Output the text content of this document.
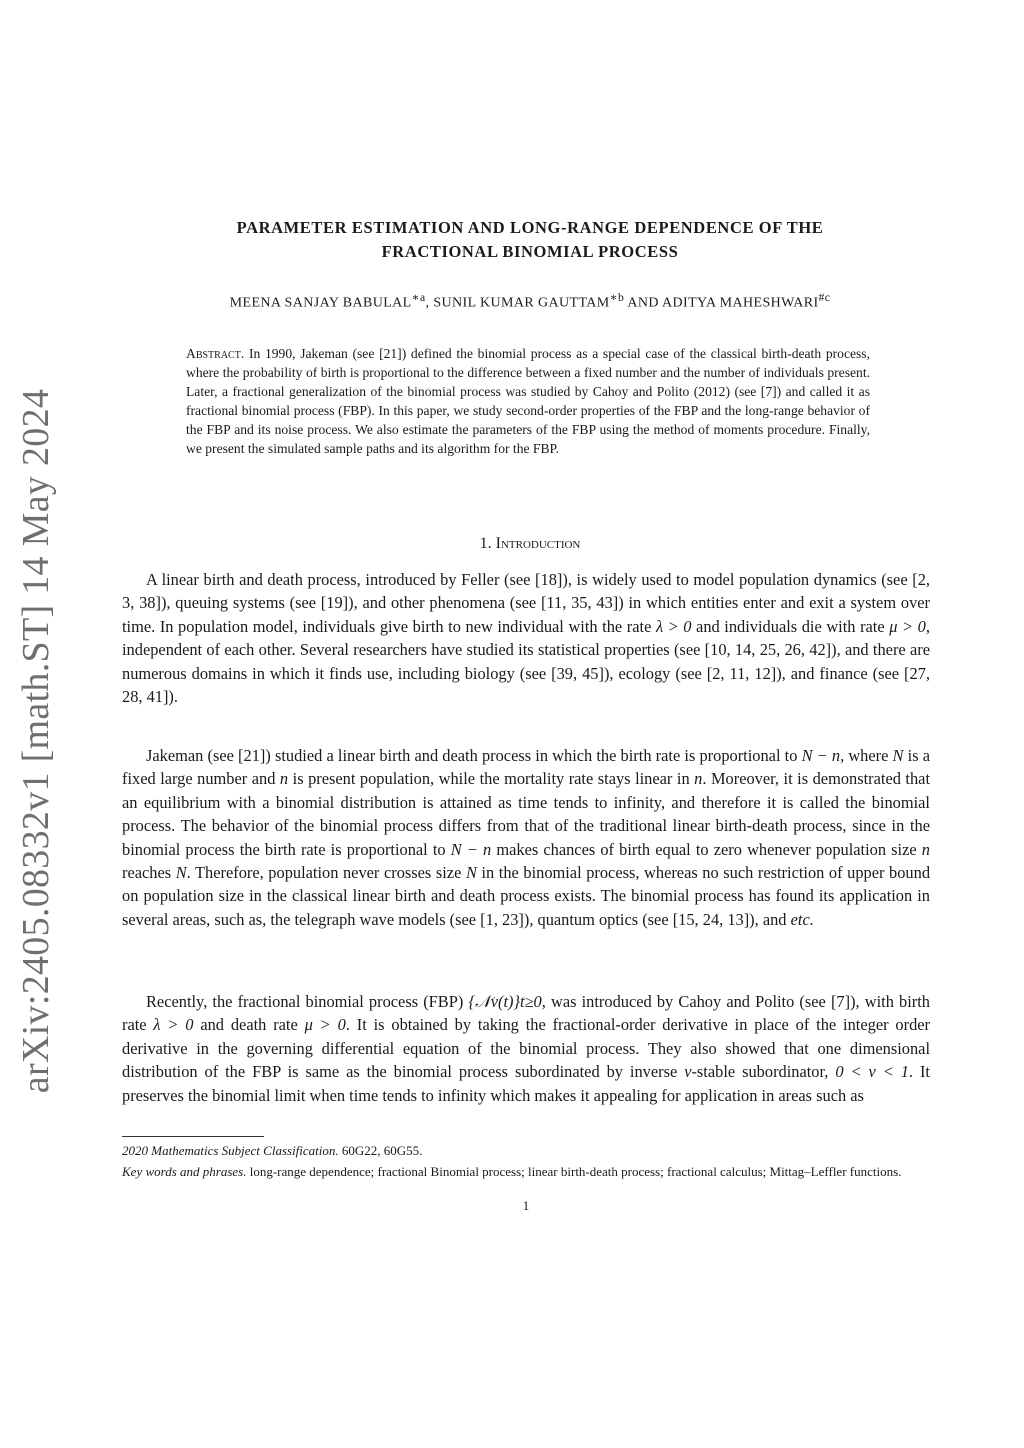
arXiv:2405.08332v1 [math.ST] 14 May 2024
PARAMETER ESTIMATION AND LONG-RANGE DEPENDENCE OF THE
FRACTIONAL BINOMIAL PROCESS
MEENA SANJAY $BABULAL^{∗a}$, SUNIL KUMAR $GAUTTAM^{∗b}$ AND ADITYA MAHESHWARI$^{\#c}$
Abstract. In 1990, Jakeman (see [21]) defined the binomial process as a special case of the classical birth-death process, where the probability of birth is proportional to the difference between a fixed number and the number of individuals present. Later, a fractional generalization of the binomial process was studied by Cahoy and Polito (2012) (see [7]) and called it as fractional binomial process (FBP). In this paper, we study second-order properties of the FBP and the long-range behavior of the FBP and its noise process. We also estimate the parameters of the FBP using the method of moments procedure. Finally, we present the simulated sample paths and its algorithm for the FBP.
1. Introduction
A linear birth and death process, introduced by Feller (see [18]), is widely used to model population dynamics (see [2, 3, 38]), queuing systems (see [19]), and other phenomena (see [11, 35, 43]) in which entities enter and exit a system over time. In population model, individuals give birth to new individual with the rate λ > 0 and individuals die with rate μ > 0, independent of each other. Several researchers have studied its statistical properties (see [10, 14, 25, 26, 42]), and there are numerous domains in which it finds use, including biology (see [39, 45]), ecology (see [2, 11, 12]), and finance (see [27, 28, 41]).
Jakeman (see [21]) studied a linear birth and death process in which the birth rate is proportional to N − n, where N is a fixed large number and n is present population, while the mortality rate stays linear in n. Moreover, it is demonstrated that an equilibrium with a binomial distribution is attained as time tends to infinity, and therefore it is called the binomial process. The behavior of the binomial process differs from that of the traditional linear birth-death process, since in the binomial process the birth rate is proportional to N − n makes chances of birth equal to zero whenever population size n reaches N. Therefore, population never crosses size N in the binomial process, whereas no such restriction of upper bound on population size in the classical linear birth and death process exists. The binomial process has found its application in several areas, such as, the telegraph wave models (see [1, 23]), quantum optics (see [15, 24, 13]), and etc.
Recently, the fractional binomial process (FBP) {𝒩ν(t)}t≥0, was introduced by Cahoy and Polito (see [7]), with birth rate λ > 0 and death rate μ > 0. It is obtained by taking the fractional-order derivative in place of the integer order derivative in the governing differential equation of the binomial process. They also showed that one dimensional distribution of the FBP is same as the binomial process subordinated by inverse ν-stable subordinator, 0 < ν < 1. It preserves the binomial limit when time tends to infinity which makes it appealing for application in areas such as

2020 Mathematics Subject Classification. 60G22, 60G55.

Key words and phrases. long-range dependence; fractional Binomial process; linear birth-death process; fractional calculus; Mittag–Leffler functions.

1
